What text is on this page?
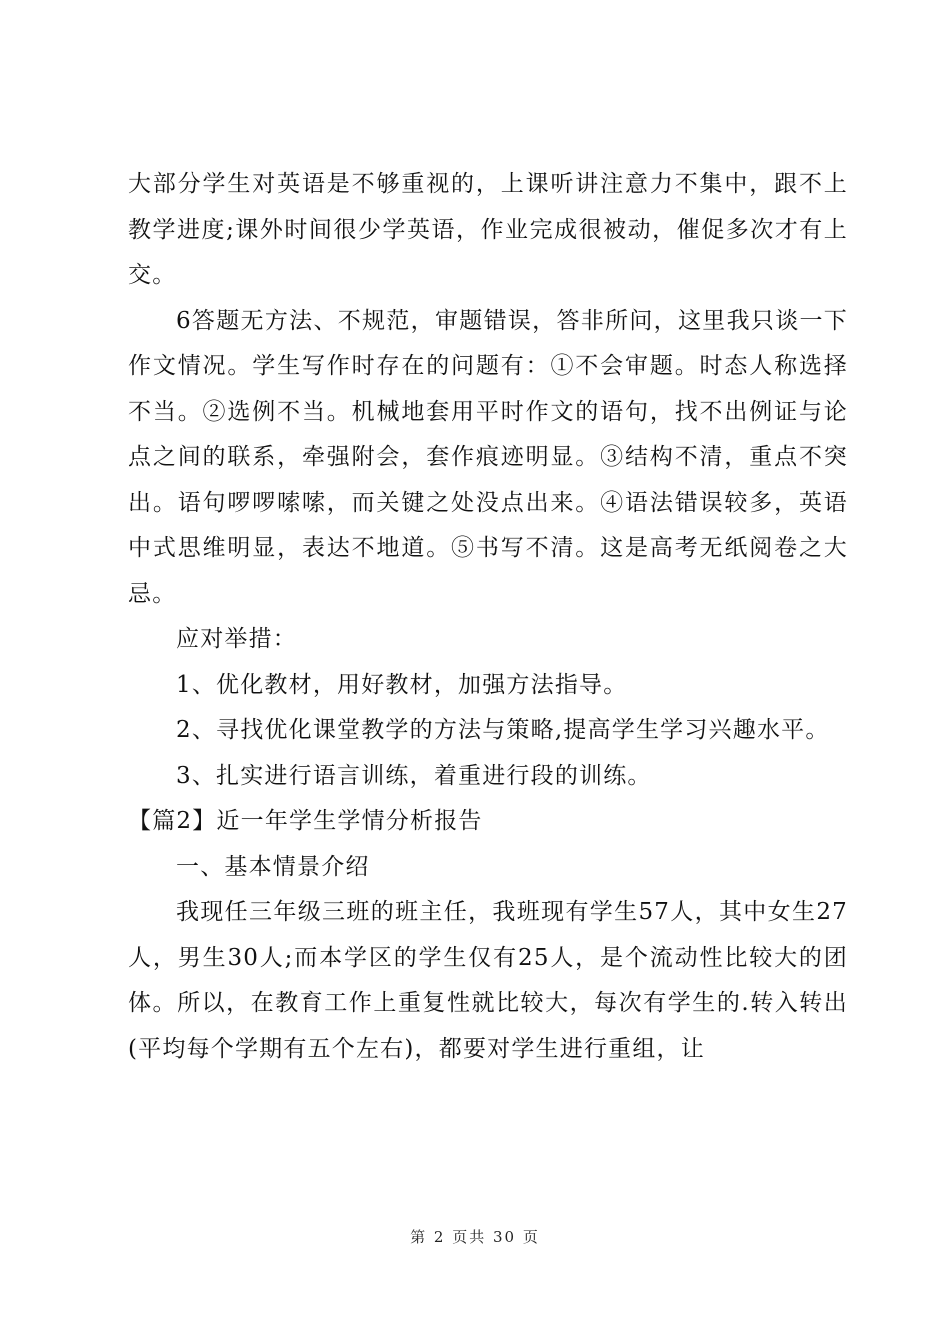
大部分学生对英语是不够重视的，上课听讲注意力不集中，跟不上教学进度;课外时间很少学英语，作业完成很被动，催促多次才有上交。

6答题无方法、不规范，审题错误，答非所问，这里我只谈一下作文情况。学生写作时存在的问题有：①不会审题。时态人称选择不当。②选例不当。机械地套用平时作文的语句，找不出例证与论点之间的联系，牵强附会，套作痕迹明显。③结构不清，重点不突出。语句啰啰嗦嗦，而关键之处没点出来。④语法错误较多，英语中式思维明显，表达不地道。⑤书写不清。这是高考无纸阅卷之大忌。

应对举措：

1、优化教材，用好教材，加强方法指导。

2、寻找优化课堂教学的方法与策略,提高学生学习兴趣水平。

3、扎实进行语言训练，着重进行段的训练。

【篇2】近一年学生学情分析报告

一、基本情景介绍

我现任三年级三班的班主任，我班现有学生57人，其中女生27人，男生30人;而本学区的学生仅有25人，是个流动性比较大的团体。所以，在教育工作上重复性就比较大，每次有学生的.转入转出(平均每个学期有五个左右)，都要对学生进行重组，让

第 2 页共 30 页
